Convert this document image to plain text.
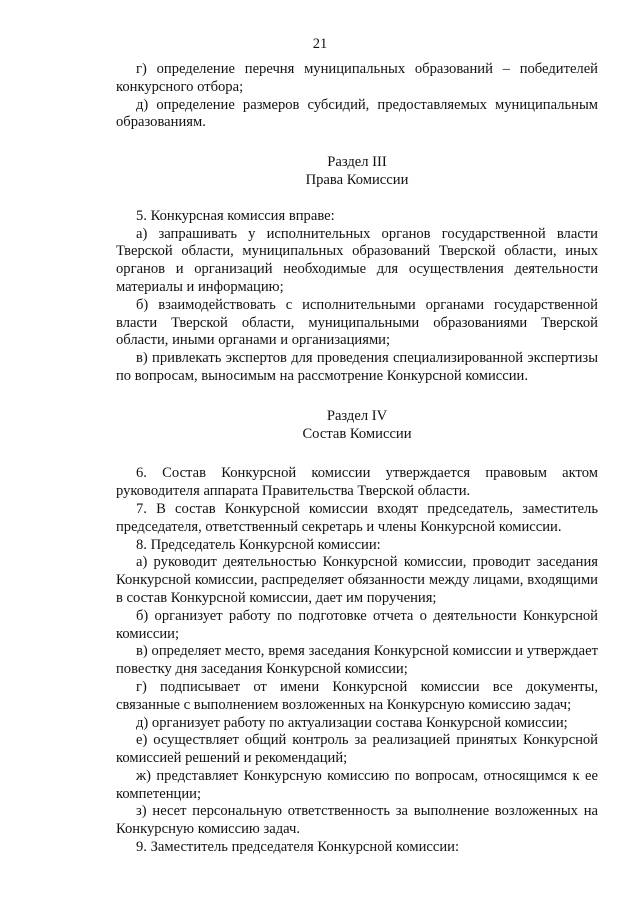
21

г) определение перечня муниципальных образований – победителей конкурсного отбора;

д) определение размеров субсидий, предоставляемых муниципальным образованиям.

Раздел III

Права Комиссии

5. Конкурсная комиссия вправе:

а) запрашивать у исполнительных органов государственной власти Тверской области, муниципальных образований Тверской области, иных органов и организаций необходимые для осуществления деятельности материалы и информацию;

б) взаимодействовать с исполнительными органами государственной власти Тверской области, муниципальными образованиями Тверской области, иными органами и организациями;

в) привлекать экспертов для проведения специализированной экспертизы по вопросам, выносимым на рассмотрение Конкурсной комиссии.

Раздел IV

Состав Комиссии

6. Состав Конкурсной комиссии утверждается правовым актом руководителя аппарата Правительства Тверской области.

7. В состав Конкурсной комиссии входят председатель, заместитель председателя, ответственный секретарь и члены Конкурсной комиссии.

8. Председатель Конкурсной комиссии:

а) руководит деятельностью Конкурсной комиссии, проводит заседания Конкурсной комиссии, распределяет обязанности между лицами, входящими в состав Конкурсной комиссии, дает им поручения;

б) организует работу по подготовке отчета о деятельности Конкурсной комиссии;

в) определяет место, время заседания Конкурсной комиссии и утверждает повестку дня заседания Конкурсной комиссии;

г) подписывает от имени Конкурсной комиссии все документы, связанные с выполнением возложенных на Конкурсную комиссию задач;

д) организует работу по актуализации состава Конкурсной комиссии;

е) осуществляет общий контроль за реализацией принятых Конкурсной комиссией решений и рекомендаций;

ж) представляет Конкурсную комиссию по вопросам, относящимся к ее компетенции;

з) несет персональную ответственность за выполнение возложенных на Конкурсную комиссию задач.

9. Заместитель председателя Конкурсной комиссии:
